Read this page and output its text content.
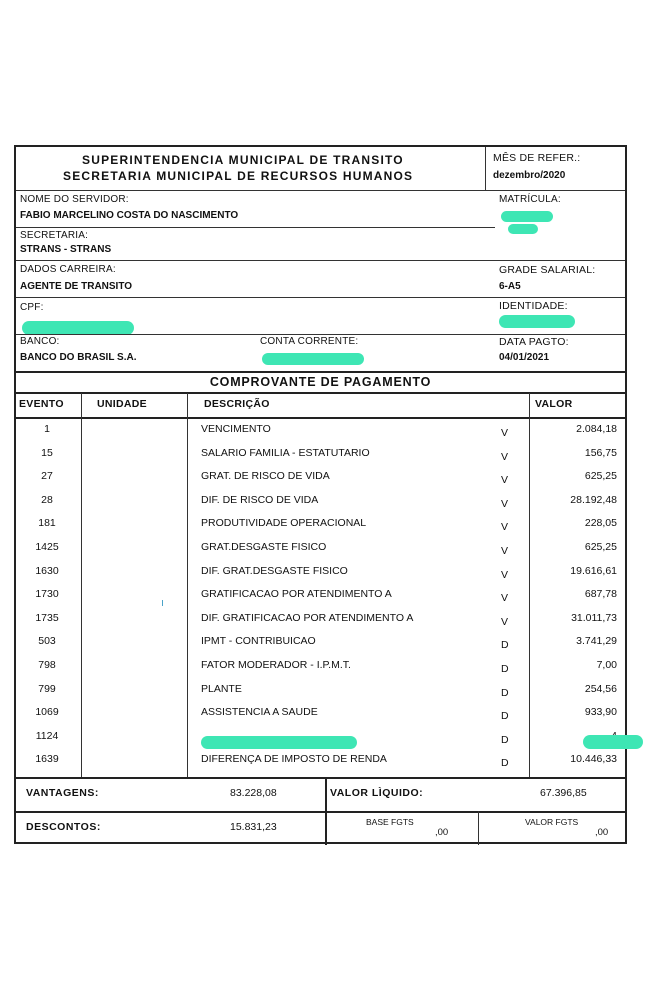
SUPERINTENDENCIA MUNICIPAL DE TRANSITO
SECRETARIA MUNICIPAL DE RECURSOS HUMANOS
MÊS DE REFER.:
dezembro/2020
NOME DO SERVIDOR:
FABIO MARCELINO COSTA DO NASCIMENTO
MATRÍCULA:
SECRETARIA:
STRANS - STRANS
DADOS CARREIRA:
AGENTE DE TRANSITO
GRADE SALARIAL:
6-A5
CPF:	IDENTIDADE:
BANCO:
BANCO DO BRASIL S.A.
CONTA CORRENTE:	DATA PAGTO:
04/01/2021
COMPROVANTE DE PAGAMENTO
EVENTO	UNIDADE	DESCRIÇÃO	VALOR
1	VENCIMENTO	V	2.084,18
15	SALARIO FAMILIA - ESTATUTARIO	V	156,75
27	GRAT. DE RISCO DE VIDA	V	625,25
28	DIF. DE RISCO DE VIDA	V	28.192,48
181	PRODUTIVIDADE OPERACIONAL	V	228,05
1425	GRAT.DESGASTE FISICO	V	625,25
1630	DIF. GRAT.DESGASTE FISICO	V	19.616,61
1730	GRATIFICACAO POR ATENDIMENTO A	V	687,78
1735	DIF. GRATIFICACAO POR ATENDIMENTO A	V	31.011,73
503	IPMT - CONTRIBUICAO	D	3.741,29
798	FATOR MODERADOR - I.P.M.T.	D	7,00
799	PLANTE	D	254,56
1069	ASSISTENCIA A SAUDE	D	933,90
1124	D
1639	DIFERENÇA DE IMPOSTO DE RENDA	D	10.446,33
VANTAGENS:	83.228,08	VALOR LÌQUIDO:	67.396,85
DESCONTOS:	15.831,23	BASE FGTS
,00
VALOR FGTS
,00
